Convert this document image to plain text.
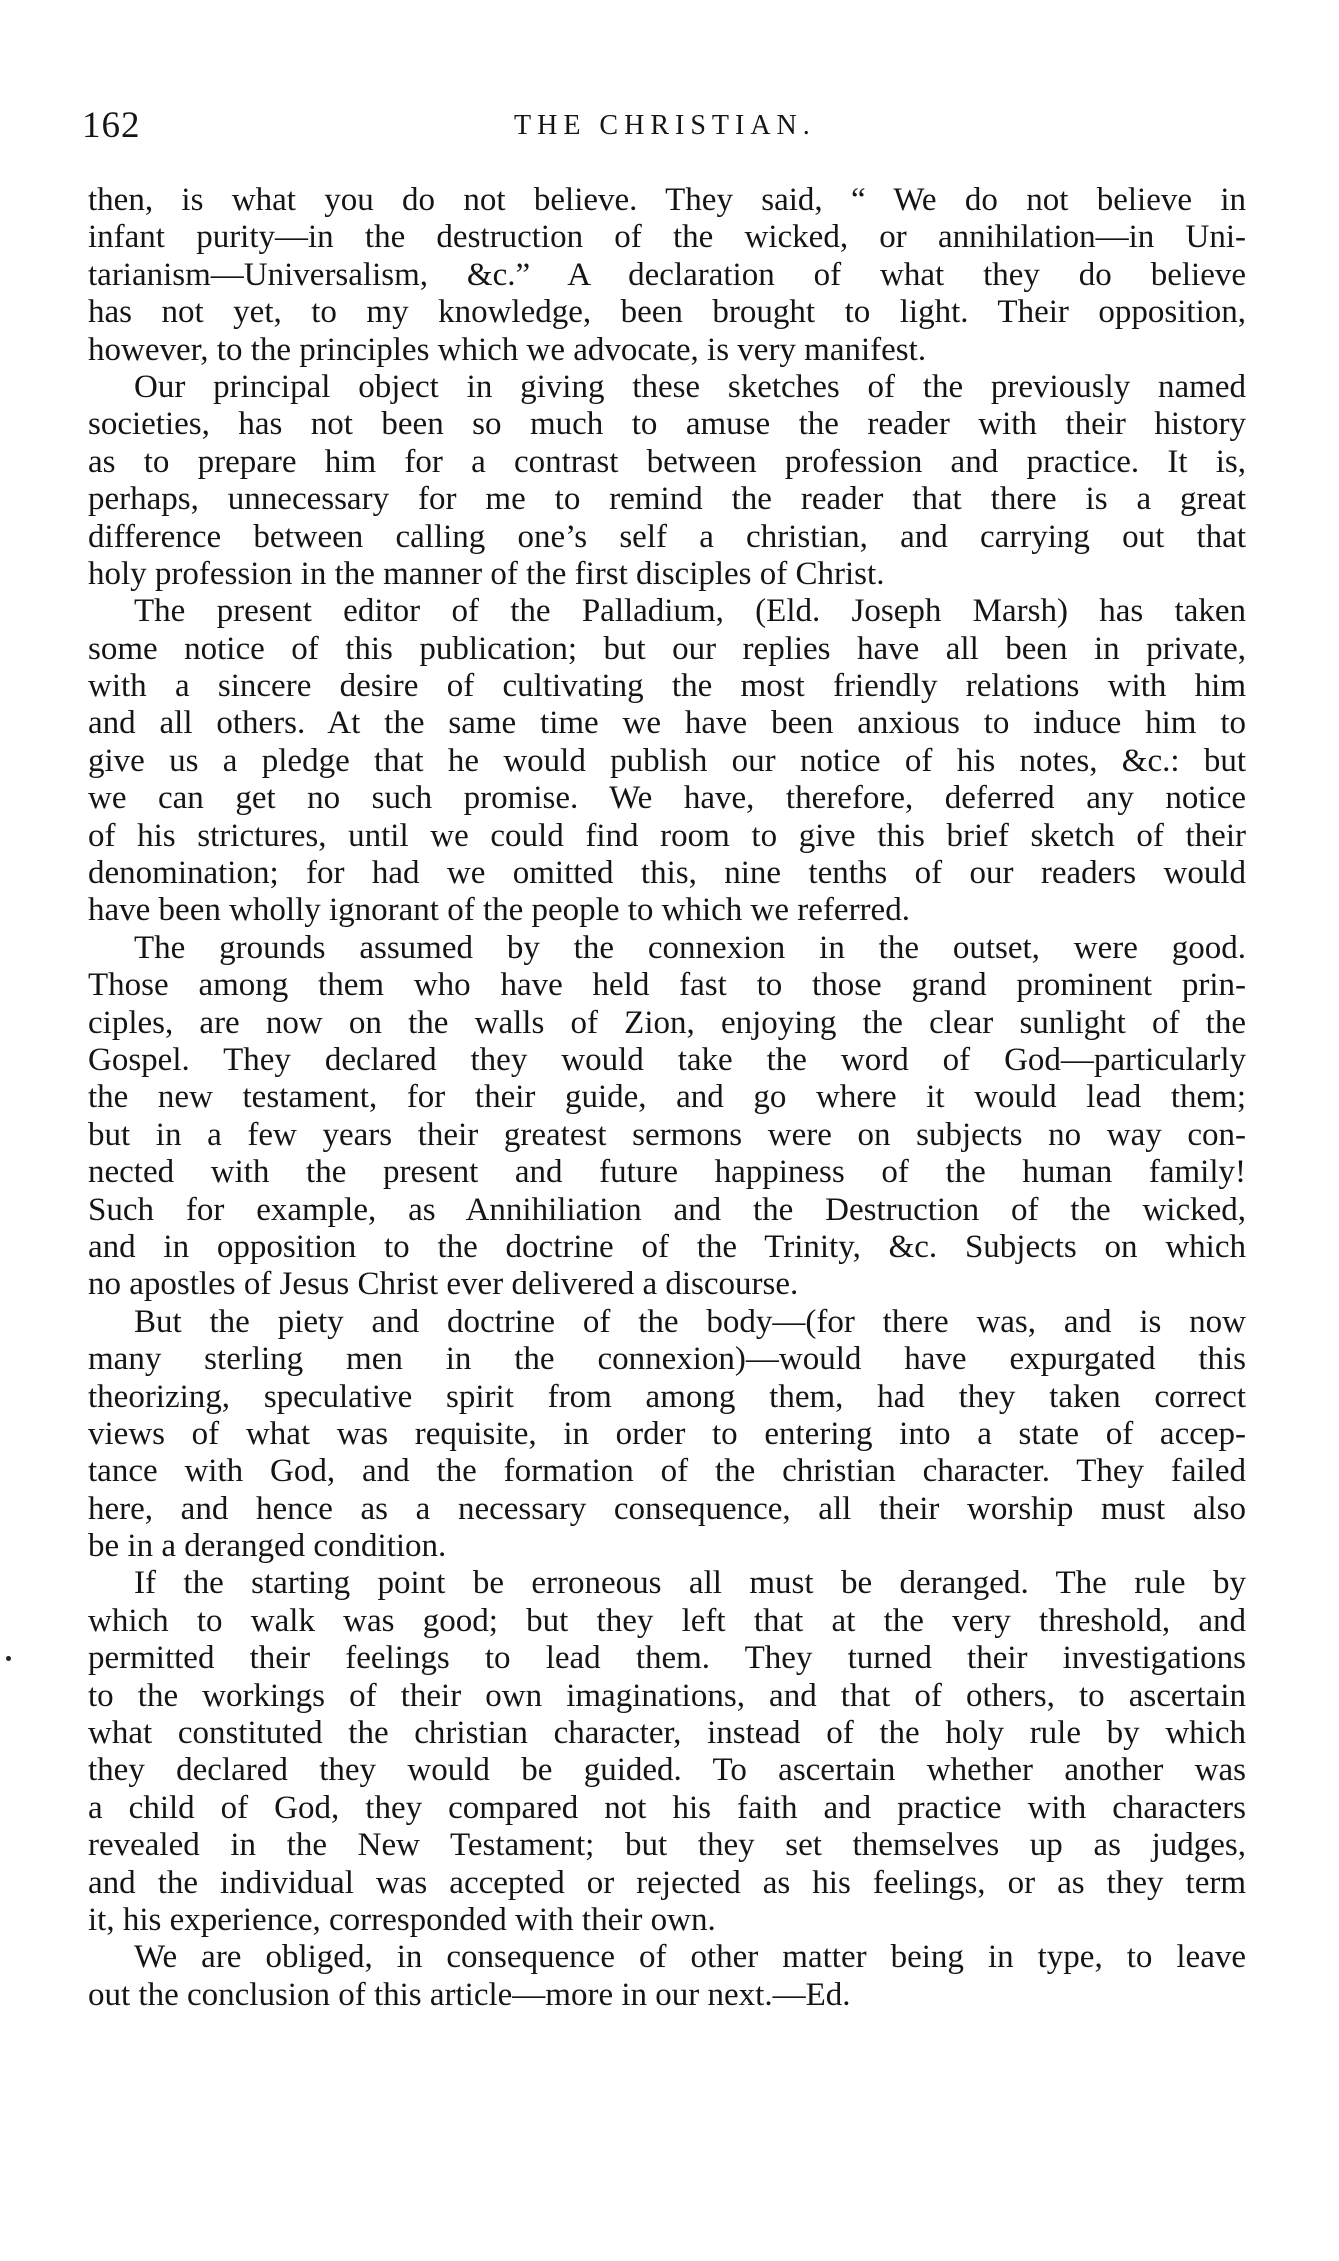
162	THE CHRISTIAN.
then, is what you do not believe. They said, “ We do not believe in
infant purity—in the destruction of the wicked, or annihilation—in Uni-
tarianism—Universalism, &c.” A declaration of what they do believe
has not yet, to my knowledge, been brought to light. Their opposition,
however, to the principles which we advocate, is very manifest.
Our principal object in giving these sketches of the previously named
societies, has not been so much to amuse the reader with their history
as to prepare him for a contrast between profession and practice. It is,
perhaps, unnecessary for me to remind the reader that there is a great
difference between calling one’s self a christian, and carrying out that
holy profession in the manner of the first disciples of Christ.
The present editor of the Palladium, (Eld. Joseph Marsh) has taken
some notice of this publication; but our replies have all been in private,
with a sincere desire of cultivating the most friendly relations with him
and all others. At the same time we have been anxious to induce him to
give us a pledge that he would publish our notice of his notes, &c.: but
we can get no such promise. We have, therefore, deferred any notice
of his strictures, until we could find room to give this brief sketch of their
denomination; for had we omitted this, nine tenths of our readers would
have been wholly ignorant of the people to which we referred.
The grounds assumed by the connexion in the outset, were good.
Those among them who have held fast to those grand prominent prin-
ciples, are now on the walls of Zion, enjoying the clear sunlight of the
Gospel. They declared they would take the word of God—particularly
the new testament, for their guide, and go where it would lead them;
but in a few years their greatest sermons were on subjects no way con-
nected with the present and future happiness of the human family!
Such for example, as Annihiliation and the Destruction of the wicked,
and in opposition to the doctrine of the Trinity, &c. Subjects on which
no apostles of Jesus Christ ever delivered a discourse.
But the piety and doctrine of the body—(for there was, and is now
many sterling men in the connexion)—would have expurgated this
theorizing, speculative spirit from among them, had they taken correct
views of what was requisite, in order to entering into a state of accep-
tance with God, and the formation of the christian character. They failed
here, and hence as a necessary consequence, all their worship must also
be in a deranged condition.
If the starting point be erroneous all must be deranged. The rule by
which to walk was good; but they left that at the very threshold, and
permitted their feelings to lead them. They turned their investigations
to the workings of their own imaginations, and that of others, to ascertain
what constituted the christian character, instead of the holy rule by which
they declared they would be guided. To ascertain whether another was
a child of God, they compared not his faith and practice with characters
revealed in the New Testament; but they set themselves up as judges,
and the individual was accepted or rejected as his feelings, or as they term
it, his experience, corresponded with their own.
We are obliged, in consequence of other matter being in type, to leave
out the conclusion of this article—more in our next.—Ed.
